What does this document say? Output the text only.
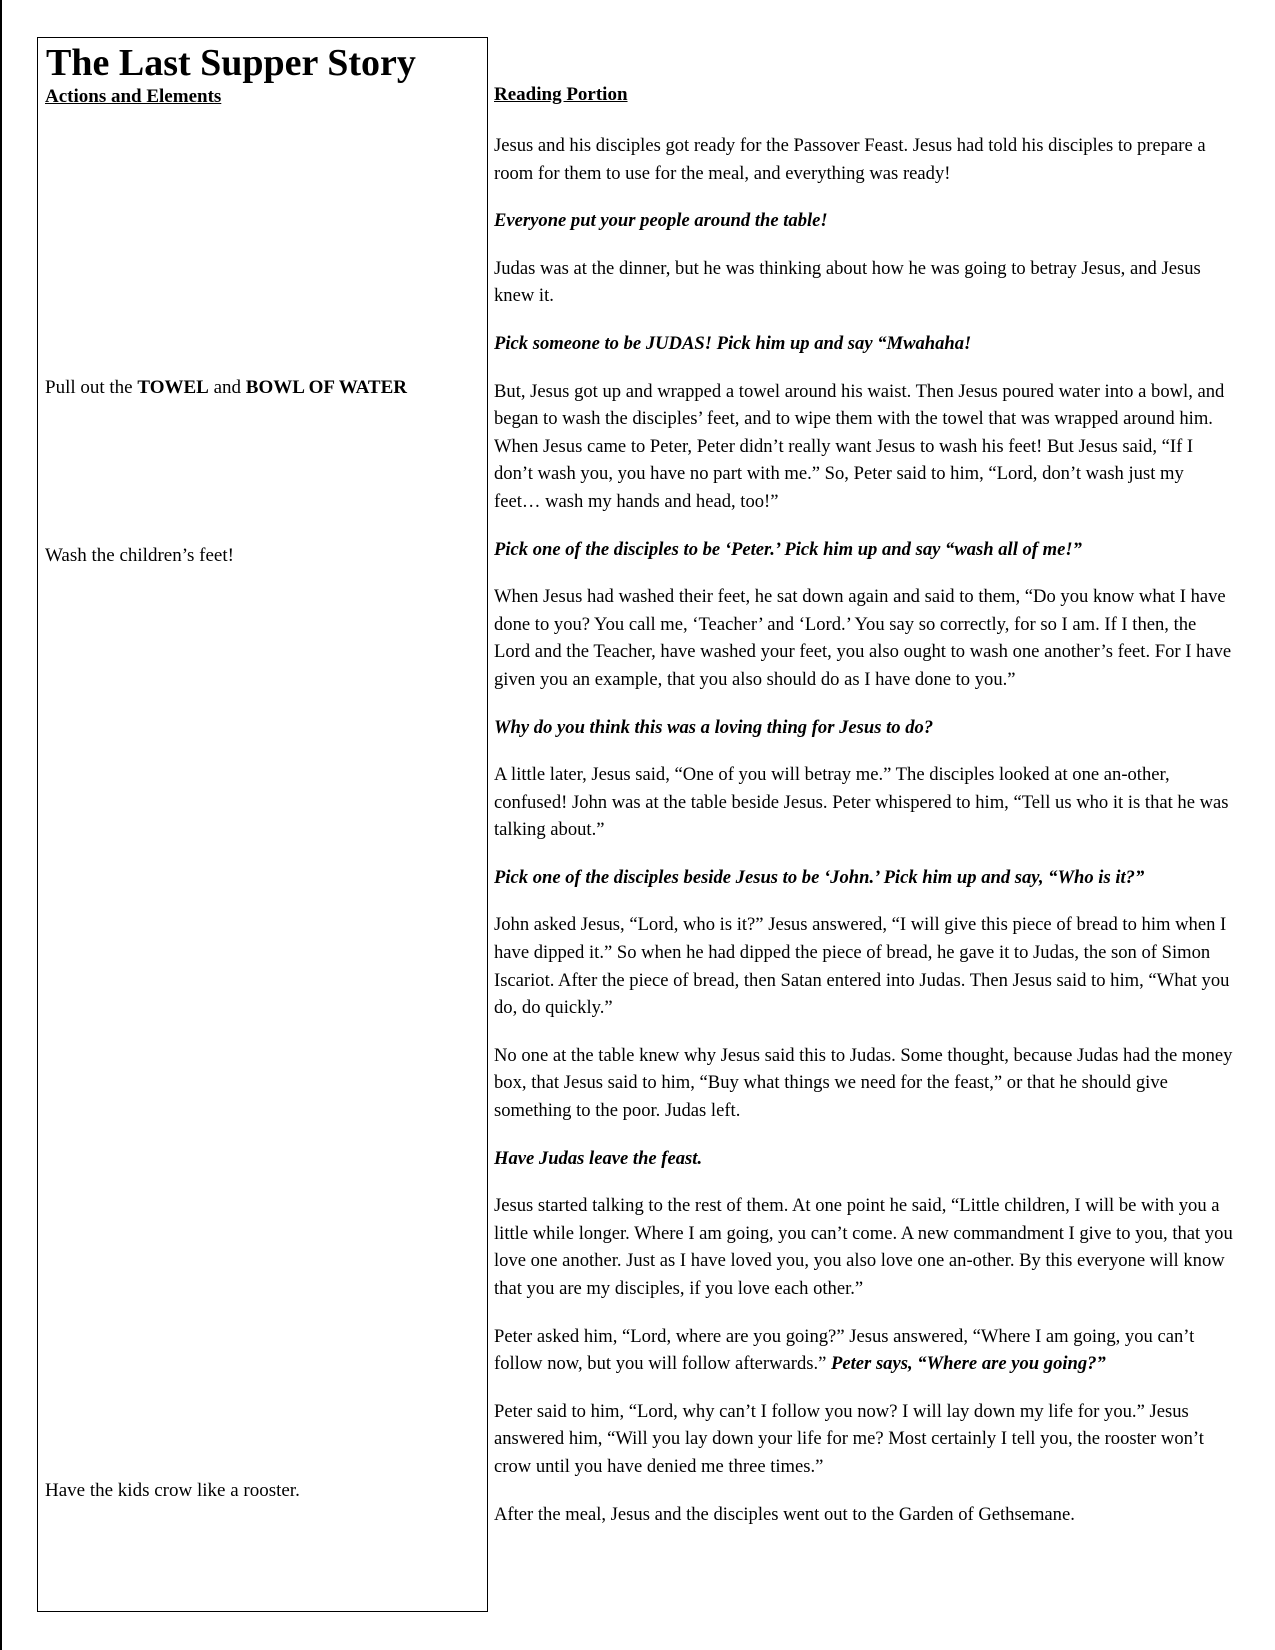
The Last Supper Story
Actions and Elements	Reading Portion
Pull out the TOWEL and BOWL OF WATER
Wash the children’s feet!
Have the kids crow like a rooster.

Jesus and his disciples got ready for the Passover Feast. Jesus had told his disciples to prepare a room for them to use for the meal, and everything was ready!

Everyone put your people around the table!

Judas was at the dinner, but he was thinking about how he was going to betray Jesus, and Jesus knew it.

Pick someone to be JUDAS! Pick him up and say “Mwahaha!

But, Jesus got up and wrapped a towel around his waist. Then Jesus poured water into a bowl, and began to wash the disciples’ feet, and to wipe them with the towel that was wrapped around him. When Jesus came to Peter, Peter didn’t really want Jesus to wash his feet! But Jesus said, “If I don’t wash you, you have no part with me.” So, Peter said to him, “Lord, don’t wash just my feet… wash my hands and head, too!”

Pick one of the disciples to be ‘Peter.’ Pick him up and say “wash all of me!”

When Jesus had washed their feet, he sat down again and said to them, “Do you know what I have done to you? You call me, ‘Teacher’ and ‘Lord.’ You say so correctly, for so I am. If I then, the Lord and the Teacher, have washed your feet, you also ought to wash one another’s feet. For I have given you an example, that you also should do as I have done to you.”

Why do you think this was a loving thing for Jesus to do?

A little later, Jesus said, “One of you will betray me.” The disciples looked at one an-other, confused! John was at the table beside Jesus. Peter whispered to him, “Tell us who it is that he was talking about.”

Pick one of the disciples beside Jesus to be ‘John.’ Pick him up and say, “Who is it?”

John asked Jesus, “Lord, who is it?” Jesus answered, “I will give this piece of bread to him when I have dipped it.” So when he had dipped the piece of bread, he gave it to Judas, the son of Simon Iscariot. After the piece of bread, then Satan entered into Judas. Then Jesus said to him, “What you do, do quickly.”

No one at the table knew why Jesus said this to Judas. Some thought, because Judas had the money box, that Jesus said to him, “Buy what things we need for the feast,” or that he should give something to the poor. Judas left.

Have Judas leave the feast.

Jesus started talking to the rest of them. At one point he said, “Little children, I will be with you a little while longer. Where I am going, you can’t come. A new commandment I give to you, that you love one another. Just as I have loved you, you also love one an-other. By this everyone will know that you are my disciples, if you love each other.”

Peter asked him, “Lord, where are you going?” Jesus answered, “Where I am going, you can’t follow now, but you will follow afterwards.” Peter says, “Where are you going?”

Peter said to him, “Lord, why can’t I follow you now? I will lay down my life for you.” Jesus answered him, “Will you lay down your life for me? Most certainly I tell you, the rooster won’t crow until you have denied me three times.”

After the meal, Jesus and the disciples went out to the Garden of Gethsemane.
